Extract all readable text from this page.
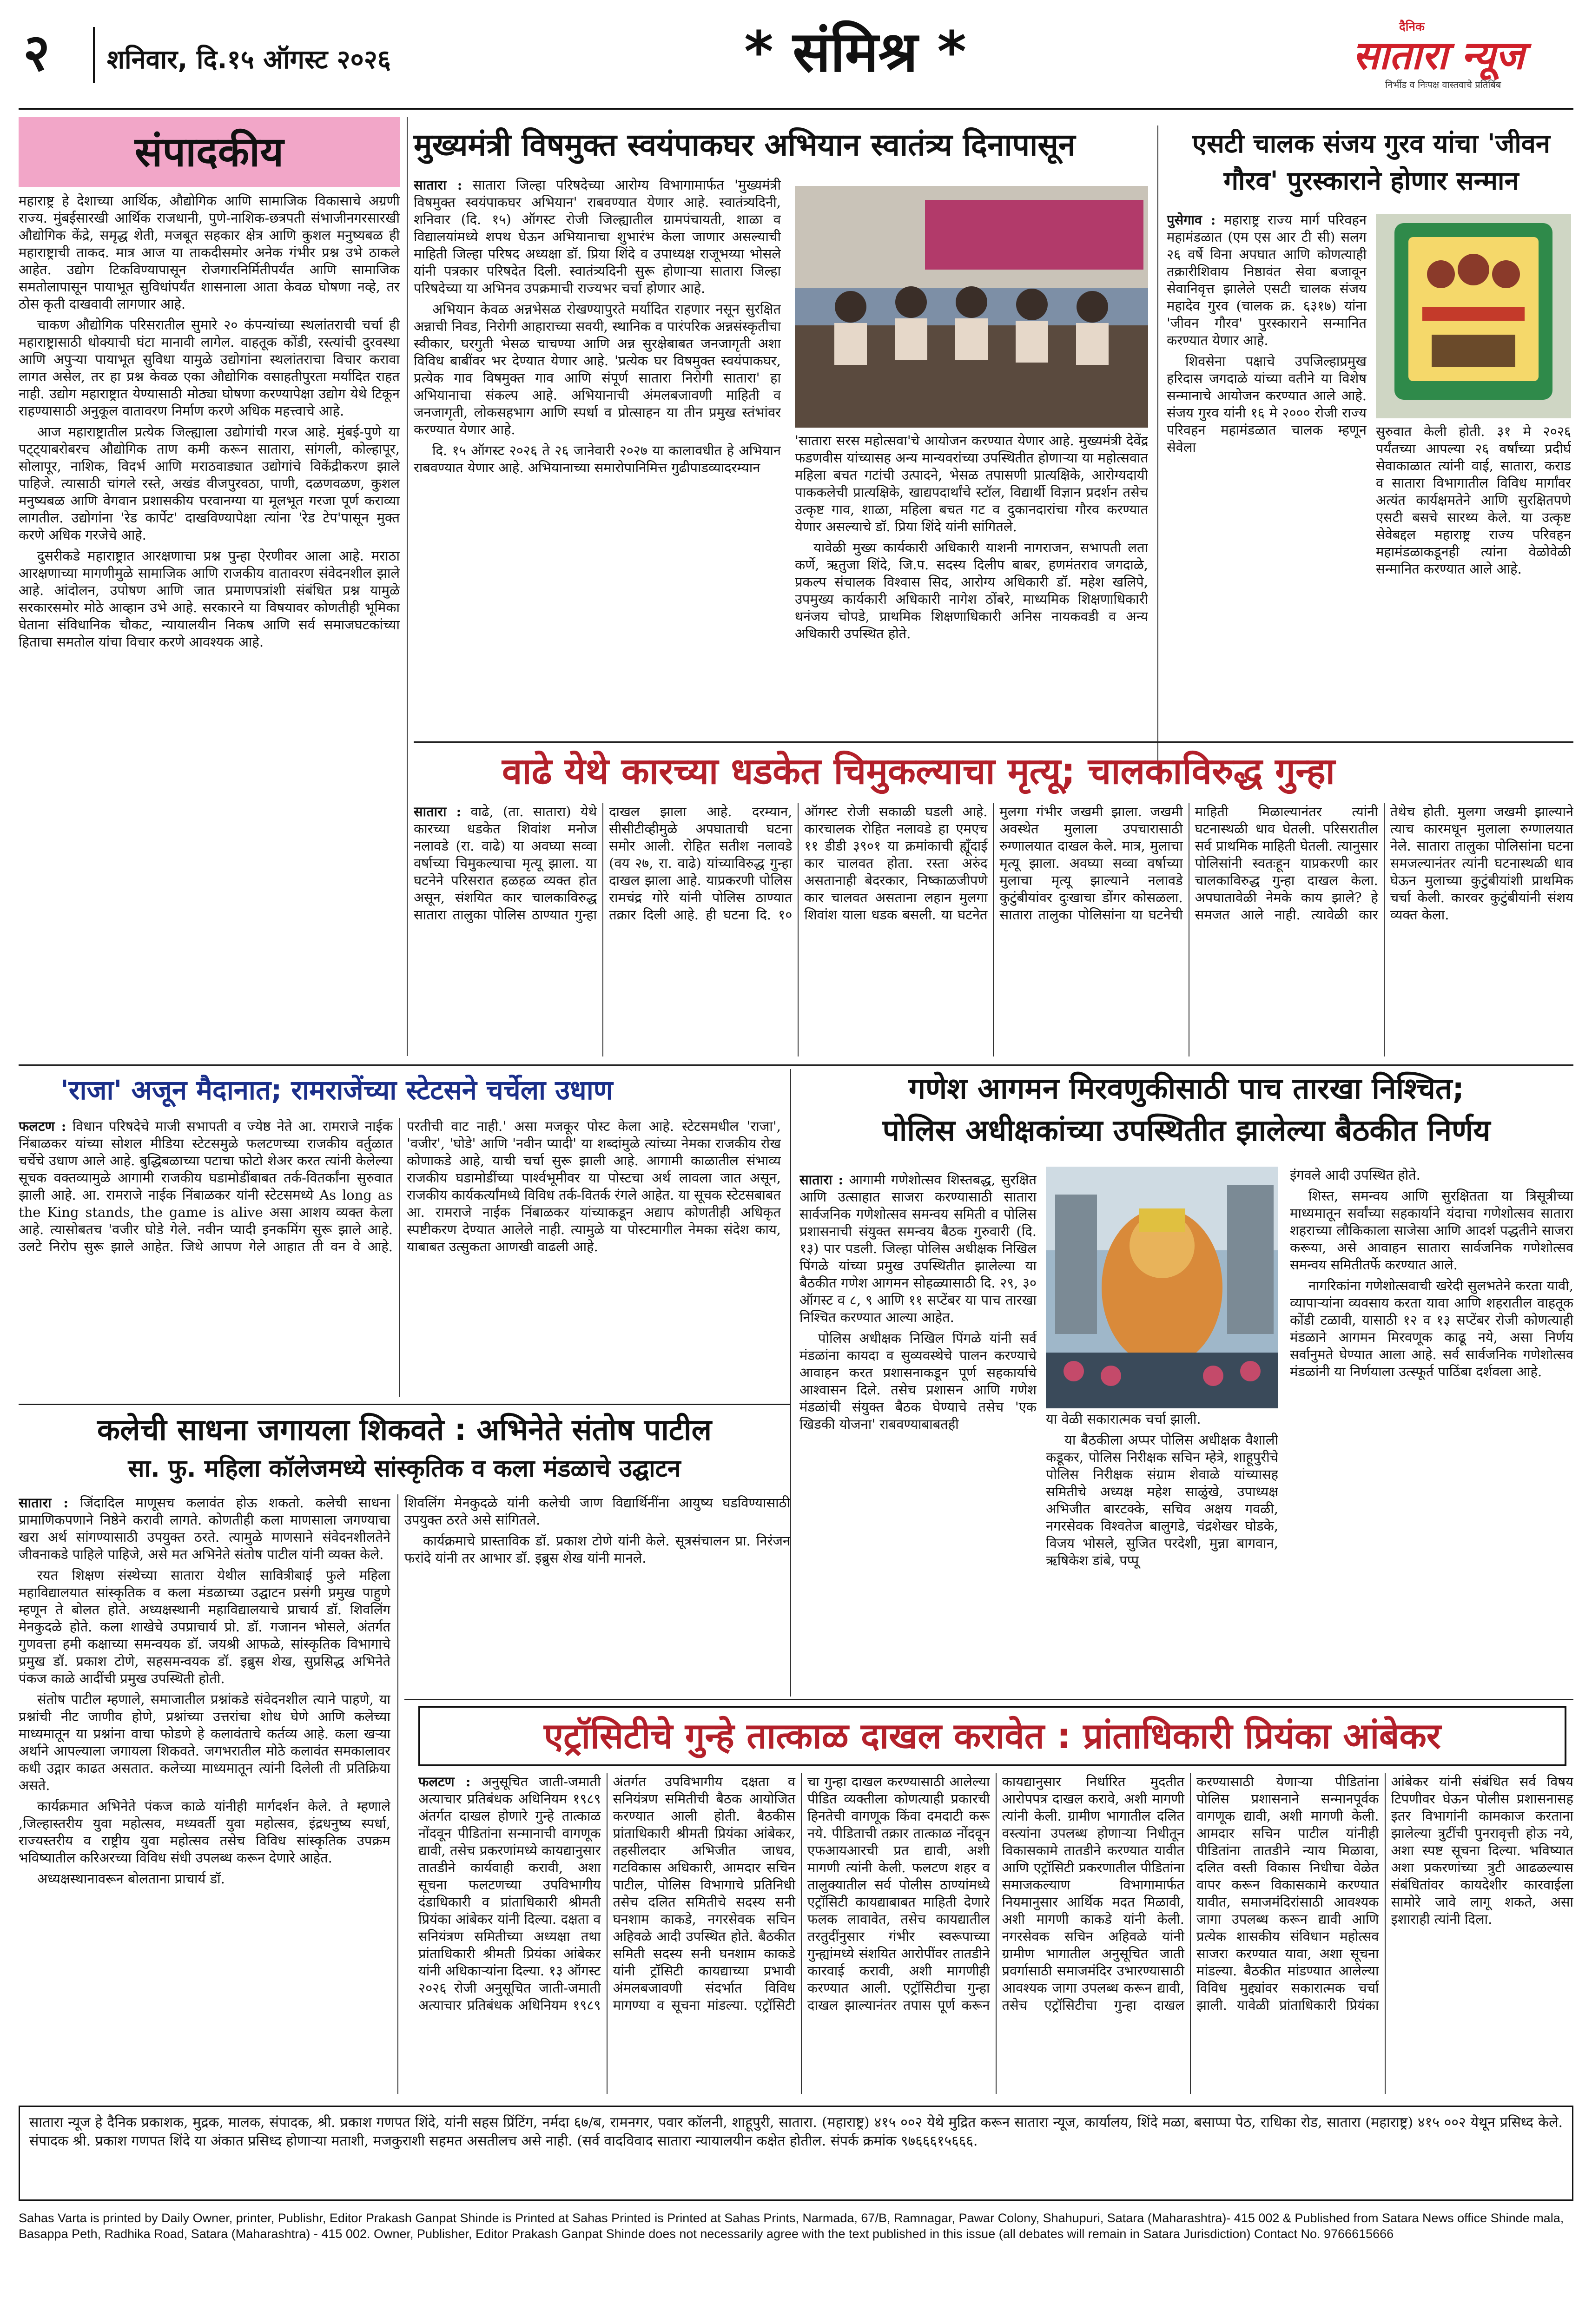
२ शनिवार, दि.१५ ऑगस्ट २०२६	* संमिश्र *	दैनिक
सातारा न्यूज
निर्भीड व निःपक्ष वास्तवाचे प्रतिबिंब
संपादकीय

महाराष्ट्र हे देशाच्या आर्थिक, औद्योगिक आणि सामाजिक विकासाचे अग्रणी राज्य. मुंबईसारखी आर्थिक राजधानी, पुणे-नाशिक-छत्रपती संभाजीनगरसारखी औद्योगिक केंद्रे, समृद्ध शेती, मजबूत सहकार क्षेत्र आणि कुशल मनुष्यबळ ही महाराष्ट्राची ताकद. मात्र आज या ताकदीसमोर अनेक गंभीर प्रश्न उभे ठाकले आहेत. उद्योग टिकविण्यापासून रोजगारनिर्मितीपर्यंत आणि सामाजिक समतोलापासून पायाभूत सुविधांपर्यंत शासनाला आता केवळ घोषणा नव्हे, तर ठोस कृती दाखवावी लागणार आहे.

चाकण औद्योगिक परिसरातील सुमारे २० कंपन्यांच्या स्थलांतराची चर्चा ही महाराष्ट्रासाठी धोक्याची घंटा मानावी लागेल. वाहतूक कोंडी, रस्त्यांची दुरवस्था आणि अपुऱ्या पायाभूत सुविधा यामुळे उद्योगांना स्थलांतराचा विचार करावा लागत असेल, तर हा प्रश्न केवळ एका औद्योगिक वसाहतीपुरता मर्यादित राहत नाही. उद्योग महाराष्ट्रात येण्यासाठी मोठ्या घोषणा करण्यापेक्षा उद्योग येथे टिकून राहण्यासाठी अनुकूल वातावरण निर्माण करणे अधिक महत्त्वाचे आहे.

आज महाराष्ट्रातील प्रत्येक जिल्ह्याला उद्योगांची गरज आहे. मुंबई-पुणे या पट्ट्याबरोबरच औद्योगिक ताण कमी करून सातारा, सांगली, कोल्हापूर, सोलापूर, नाशिक, विदर्भ आणि मराठवाड्यात उद्योगांचे विकेंद्रीकरण झाले पाहिजे. त्यासाठी चांगले रस्ते, अखंड वीजपुरवठा, पाणी, दळणवळण, कुशल मनुष्यबळ आणि वेगवान प्रशासकीय परवानग्या या मूलभूत गरजा पूर्ण कराव्या लागतील. उद्योगांना 'रेड कार्पेट' दाखविण्यापेक्षा त्यांना 'रेड टेप'पासून मुक्त करणे अधिक गरजेचे आहे.

दुसरीकडे महाराष्ट्रात आरक्षणाचा प्रश्न पुन्हा ऐरणीवर आला आहे. मराठा आरक्षणाच्या मागणीमुळे सामाजिक आणि राजकीय वातावरण संवेदनशील झाले आहे. आंदोलन, उपोषण आणि जात प्रमाणपत्रांशी संबंधित प्रश्न यामुळे सरकारसमोर मोठे आव्हान उभे आहे. सरकारने या विषयावर कोणतीही भूमिका घेताना संविधानिक चौकट, न्यायालयीन निकष आणि सर्व समाजघटकांच्या हिताचा समतोल यांचा विचार करणे आवश्यक आहे.

मुख्यमंत्री विषमुक्त स्वयंपाकघर अभियान स्वातंत्र्य दिनापासून

सातारा : सातारा जिल्हा परिषदेच्या आरोग्य विभागामार्फत 'मुख्यमंत्री विषमुक्त स्वयंपाकघर अभियान' राबवण्यात येणार आहे. स्वातंत्र्यदिनी, शनिवार (दि. १५) ऑगस्ट रोजी जिल्ह्यातील ग्रामपंचायती, शाळा व विद्यालयांमध्ये शपथ घेऊन अभियानाचा शुभारंभ केला जाणार असल्याची माहिती जिल्हा परिषद अध्यक्षा डॉ. प्रिया शिंदे व उपाध्यक्ष राजूभय्या भोसले यांनी पत्रकार परिषदेत दिली. स्वातंत्र्यदिनी सुरू होणाऱ्या सातारा जिल्हा परिषदेच्या या अभिनव उपक्रमाची राज्यभर चर्चा होणार आहे.

अभियान केवळ अन्नभेसळ रोखण्यापुरते मर्यादित राहणार नसून सुरक्षित अन्नाची निवड, निरोगी आहाराच्या सवयी, स्थानिक व पारंपरिक अन्नसंस्कृतीचा स्वीकार, घरगुती भेसळ चाचण्या आणि अन्न सुरक्षेबाबत जनजागृती अशा विविध बाबींवर भर देण्यात येणार आहे. 'प्रत्येक घर विषमुक्त स्वयंपाकघर, प्रत्येक गाव विषमुक्त गाव आणि संपूर्ण सातारा निरोगी सातारा' हा अभियानाचा संकल्प आहे. अभियानाची अंमलबजावणी माहिती व जनजागृती, लोकसहभाग आणि स्पर्धा व प्रोत्साहन या तीन प्रमुख स्तंभांवर करण्यात येणार आहे.

दि. १५ ऑगस्ट २०२६ ते २६ जानेवारी २०२७ या कालावधीत हे अभियान राबवण्यात येणार आहे. अभियानाच्या समारोपानिमित्त गुढीपाडव्यादरम्यान

'सातारा सरस महोत्सवा'चे आयोजन करण्यात येणार आहे. मुख्यमंत्री देवेंद्र फडणवीस यांच्यासह अन्य मान्यवरांच्या उपस्थितीत होणाऱ्या या महोत्सवात महिला बचत गटांची उत्पादने, भेसळ तपासणी प्रात्यक्षिके, आरोग्यदायी पाककलेची प्रात्यक्षिके, खाद्यपदार्थांचे स्टॉल, विद्यार्थी विज्ञान प्रदर्शन तसेच उत्कृष्ट गाव, शाळा, महिला बचत गट व दुकानदारांचा गौरव करण्यात येणार असल्याचे डॉ. प्रिया शिंदे यांनी सांगितले.

यावेळी मुख्य कार्यकारी अधिकारी याशनी नागराजन, सभापती लता कर्णे, ऋतुजा शिंदे, जि.प. सदस्य दिलीप बाबर, हणमंतराव जगदाळे, प्रकल्प संचालक विश्वास सिद, आरोग्य अधिकारी डॉ. महेश खलिपे, उपमुख्य कार्यकारी अधिकारी नागेश ठोंबरे, माध्यमिक शिक्षणाधिकारी धनंजय चोपडे, प्राथमिक शिक्षणाधिकारी अनिस नायकवडी व अन्य अधिकारी उपस्थित होते.

एसटी चालक संजय गुरव यांचा 'जीवन गौरव' पुरस्काराने होणार सन्मान

पुसेगाव : महाराष्ट्र राज्य मार्ग परिवहन महामंडळात (एम एस आर टी सी) सलग २६ वर्षे विना अपघात आणि कोणत्याही तक्रारीशिवाय निष्ठावंत सेवा बजावून सेवानिवृत्त झालेले एसटी चालक संजय महादेव गुरव (चालक क्र. ६३१७) यांना 'जीवन गौरव' पुरस्काराने सन्मानित करण्यात येणार आहे.

शिवसेना पक्षाचे उपजिल्हाप्रमुख हरिदास जगदाळे यांच्या वतीने या विशेष सन्मानाचे आयोजन करण्यात आले आहे. संजय गुरव यांनी १६ मे २००० रोजी राज्य परिवहन महामंडळात चालक म्हणून सेवेला

सुरुवात केली होती. ३१ मे २०२६ पर्यंतच्या आपल्या २६ वर्षांच्या प्रदीर्घ सेवाकाळात त्यांनी वाई, सातारा, कराड व सातारा विभागातील विविध मार्गांवर अत्यंत कार्यक्षमतेने आणि सुरक्षितपणे एसटी बसचे सारथ्य केले. या उत्कृष्ट सेवेबद्दल महाराष्ट्र राज्य परिवहन महामंडळाकडूनही त्यांना वेळोवेळी सन्मानित करण्यात आले आहे.

वाढे येथे कारच्या धडकेत चिमुकल्याचा मृत्यू; चालकाविरुद्ध गुन्हा

सातारा : वाढे, (ता. सातारा) येथे कारच्या धडकेत शिवांश मनोज नलावडे (रा. वाढे) या अवघ्या सव्वा वर्षाच्या चिमुकल्याचा मृत्यू झाला. या घटनेने परिसरात हळहळ व्यक्त होत असून, संशयित कार चालकाविरुद्ध सातारा तालुका पोलिस ठाण्यात गुन्हा दाखल झाला आहे. दरम्यान, सीसीटीव्हीमुळे अपघाताची घटना समोर आली. रोहित सतीश नलावडे (वय २७, रा. वाढे) यांच्याविरुद्ध गुन्हा दाखल झाला आहे. याप्रकरणी पोलिस रामचंद्र गोरे यांनी पोलिस ठाण्यात तक्रार दिली आहे. ही घटना दि. १० ऑगस्ट रोजी सकाळी घडली आहे. कारचालक रोहित नलावडे हा एमएच ११ डीडी ३९०१ या क्रमांकाची ह्यूँदाई कार चालवत होता. रस्ता अरुंद असतानाही बेदरकार, निष्काळजीपणे कार चालवत असताना लहान मुलगा शिवांश याला धडक बसली. या घटनेत मुलगा गंभीर जखमी झाला. जखमी अवस्थेत मुलाला उपचारासाठी रुग्णालयात दाखल केले. मात्र, मुलाचा मृत्यू झाला. अवघ्या सव्वा वर्षाच्या मुलाचा मृत्यू झाल्याने नलावडे कुटुंबीयांवर दुःखाचा डोंगर कोसळला. सातारा तालुका पोलिसांना या घटनेची माहिती मिळाल्यानंतर त्यांनी घटनास्थळी धाव घेतली. परिसरातील सर्व प्राथमिक माहिती घेतली. त्यानुसार पोलिसांनी स्वतःहून याप्रकरणी कार चालकाविरुद्ध गुन्हा दाखल केला. अपघातावेळी नेमके काय झाले? हे समजत आले नाही. त्यावेळी कार तेथेच होती. मुलगा जखमी झाल्याने त्याच कारमधून मुलाला रुग्णालयात नेले. सातारा तालुका पोलिसांना घटना समजल्यानंतर त्यांनी घटनास्थळी धाव घेऊन मुलाच्या कुटुंबीयांशी प्राथमिक चर्चा केली. कारवर कुटुंबीयांनी संशय व्यक्त केला.

'राजा' अजून मैदानात; रामराजेंच्या स्टेटसने चर्चेला उधाण

फलटण : विधान परिषदेचे माजी सभापती व ज्येष्ठ नेते आ. रामराजे नाईक निंबाळकर यांच्या सोशल मीडिया स्टेटसमुळे फलटणच्या राजकीय वर्तुळात चर्चेचे उधाण आले आहे. बुद्धिबळाच्या पटाचा फोटो शेअर करत त्यांनी केलेल्या सूचक वक्तव्यामुळे आगामी राजकीय घडामोडींबाबत तर्क-वितर्कांना सुरुवात झाली आहे. आ. रामराजे नाईक निंबाळकर यांनी स्टेटसमध्ये As long as the King stands, the game is alive असा आशय व्यक्त केला आहे. त्यासोबतच 'वजीर घोडे गेले. नवीन प्यादी इनकमिंग सुरू झाले आहे. उलटे निरोप सुरू झाले आहेत. जिथे आपण गेले आहात ती वन वे आहे. परतीची वाट नाही.' असा मजकूर पोस्ट केला आहे. स्टेटसमधील 'राजा', 'वजीर', 'घोडे' आणि 'नवीन प्यादी' या शब्दांमुळे त्यांच्या नेमका राजकीय रोख कोणाकडे आहे, याची चर्चा सुरू झाली आहे. आगामी काळातील संभाव्य राजकीय घडामोडींच्या पार्श्वभूमीवर या पोस्टचा अर्थ लावला जात असून, राजकीय कार्यकर्त्यांमध्ये विविध तर्क-वितर्क रंगले आहेत. या सूचक स्टेटसबाबत आ. रामराजे नाईक निंबाळकर यांच्याकडून अद्याप कोणतीही अधिकृत स्पष्टीकरण देण्यात आलेले नाही. त्यामुळे या पोस्टमागील नेमका संदेश काय, याबाबत उत्सुकता आणखी वाढली आहे.

गणेश आगमन मिरवणुकीसाठी पाच तारखा निश्चित;
पोलिस अधीक्षकांच्या उपस्थितीत झालेल्या बैठकीत निर्णय

सातारा : आगामी गणेशोत्सव शिस्तबद्ध, सुरक्षित आणि उत्साहात साजरा करण्यासाठी सातारा सार्वजनिक गणेशोत्सव समन्वय समिती व पोलिस प्रशासनाची संयुक्त समन्वय बैठक गुरुवारी (दि. १३) पार पडली. जिल्हा पोलिस अधीक्षक निखिल पिंगळे यांच्या प्रमुख उपस्थितीत झालेल्या या बैठकीत गणेश आगमन सोहळ्यासाठी दि. २९, ३० ऑगस्ट व ८, ९ आणि ११ सप्टेंबर या पाच तारखा निश्चित करण्यात आल्या आहेत.

पोलिस अधीक्षक निखिल पिंगळे यांनी सर्व मंडळांना कायदा व सुव्यवस्थेचे पालन करण्याचे आवाहन करत प्रशासनाकडून पूर्ण सहकार्याचे आश्वासन दिले. तसेच प्रशासन आणि गणेश मंडळांची संयुक्त बैठक घेण्याचे तसेच 'एक खिडकी योजना' राबवण्याबाबतही	या वेळी सकारात्मक चर्चा झाली.

या बैठकीला अप्पर पोलिस अधीक्षक वैशाली कडूकर, पोलिस निरीक्षक सचिन म्हेत्रे, शाहूपुरीचे पोलिस निरीक्षक संग्राम शेवाळे यांच्यासह समितीचे अध्यक्ष महेश साळुंखे, उपाध्यक्ष अभिजीत बारटक्के, सचिव अक्षय गवळी, नगरसेवक विश्वतेज बालुगडे, चंद्रशेखर घोडके, विजय भोसले, सुजित परदेशी, मुन्ना बागवान, ऋषिकेश डांबे, पप्पू

इंगवले आदी उपस्थित होते.

शिस्त, समन्वय आणि सुरक्षितता या त्रिसूत्रीच्या माध्यमातून सर्वांच्या सहकार्याने यंदाचा गणेशोत्सव सातारा शहराच्या लौकिकाला साजेसा आणि आदर्श पद्धतीने साजरा करूया, असे आवाहन सातारा सार्वजनिक गणेशोत्सव समन्वय समितीतर्फे करण्यात आले.

नागरिकांना गणेशोत्सवाची खरेदी सुलभतेने करता यावी, व्यापाऱ्यांना व्यवसाय करता यावा आणि शहरातील वाहतूक कोंडी टळावी, यासाठी १२ व १३ सप्टेंबर रोजी कोणत्याही मंडळाने आगमन मिरवणूक काढू नये, असा निर्णय सर्वानुमते घेण्यात आला आहे. सर्व सार्वजनिक गणेशोत्सव मंडळांनी या निर्णयाला उत्स्फूर्त पाठिंबा दर्शवला आहे.

कलेची साधना जगायला शिकवते : अभिनेते संतोष पाटील
सा. फु. महिला कॉलेजमध्ये सांस्कृतिक व कला मंडळाचे उद्घाटन

सातारा : जिंदादिल माणूसच कलावंत होऊ शकतो. कलेची साधना प्रामाणिकपणाने निष्ठेने करावी लागते. कोणतीही कला माणसाला जगण्याचा खरा अर्थ सांगण्यासाठी उपयुक्त ठरते. त्यामुळे माणसाने संवेदनशीलतेने जीवनाकडे पाहिले पाहिजे, असे मत अभिनेते संतोष पाटील यांनी व्यक्त केले.

रयत शिक्षण संस्थेच्या सातारा येथील सावित्रीबाई फुले महिला महाविद्यालयात सांस्कृतिक व कला मंडळाच्या उद्घाटन प्रसंगी प्रमुख पाहुणे म्हणून ते बोलत होते. अध्यक्षस्थानी महाविद्यालयाचे प्राचार्य डॉ. शिवलिंग मेनकुदळे होते. कला शाखेचे उपप्राचार्य प्रो. डॉ. गजानन भोसले, अंतर्गत गुणवत्ता हमी कक्षाच्या समन्वयक डॉ. जयश्री आफळे, सांस्कृतिक विभागाचे प्रमुख डॉ. प्रकाश टोणे, सहसमन्वयक डॉ. इब्रुस शेख, सुप्रसिद्ध अभिनेते पंकज काळे आदींची प्रमुख उपस्थिती होती.

संतोष पाटील म्हणाले, समाजातील प्रश्नांकडे संवेदनशील त्याने पाहणे, या प्रश्नांची नीट जाणीव होणे, प्रश्नांच्या उत्तरांचा शोध घेणे आणि कलेच्या माध्यमातून या प्रश्नांना वाचा फोडणे हे कलावंताचे कर्तव्य आहे. कला खऱ्या अर्थाने आपल्याला जगायला शिकवते. जगभरातील मोठे कलावंत समकालावर कधी उद्गार काढत असतात. कलेच्या माध्यमातून त्यांनी दिलेली ती प्रतिक्रिया असते.

कार्यक्रमात अभिनेते पंकज काळे यांनीही मार्गदर्शन केले. ते म्हणाले ,जिल्हास्तरीय युवा महोत्सव, मध्यवर्ती युवा महोत्सव, इंद्रधनुष्य स्पर्धा, राज्यस्तरीय व राष्ट्रीय युवा महोत्सव तसेच विविध सांस्कृतिक उपक्रम भविष्यातील करिअरच्या विविध संधी उपलब्ध करून देणारे आहेत.

अध्यक्षस्थानावरून बोलताना प्राचार्य डॉ.

शिवलिंग मेनकुदळे यांनी कलेची जाण विद्यार्थिनींना आयुष्य घडविण्यासाठी उपयुक्त ठरते असे सांगितले.

कार्यक्रमाचे प्रास्ताविक डॉ. प्रकाश टोणे यांनी केले. सूत्रसंचालन प्रा. निरंजन फरांदे यांनी तर आभार डॉ. इब्रुस शेख यांनी मानले.

एट्रॉसिटीचे गुन्हे तात्काळ दाखल करावेत : प्रांताधिकारी प्रियंका आंबेकर

फलटण : अनुसूचित जाती-जमाती अत्याचार प्रतिबंधक अधिनियम १९८९ अंतर्गत दाखल होणारे गुन्हे तात्काळ नोंदवून पीडितांना सन्मानाची वागणूक द्यावी, तसेच प्रकरणांमध्ये कायद्यानुसार तातडीने कार्यवाही करावी, अशा सूचना फलटणच्या उपविभागीय दंडाधिकारी व प्रांताधिकारी श्रीमती प्रियंका आंबेकर यांनी दिल्या. दक्षता व सनियंत्रण समितीच्या अध्यक्षा तथा प्रांताधिकारी श्रीमती प्रियंका आंबेकर यांनी अधिकाऱ्यांना दिल्या. १३ ऑगस्ट २०२६ रोजी अनुसूचित जाती-जमाती अत्याचार प्रतिबंधक अधिनियम १९८९ अंतर्गत उपविभागीय दक्षता व सनियंत्रण समितीची बैठक आयोजित करण्यात आली होती. बैठकीस प्रांताधिकारी श्रीमती प्रियंका आंबेकर, तहसीलदार अभिजीत जाधव, गटविकास अधिकारी, आमदार सचिन पाटील, पोलिस विभागाचे प्रतिनिधी तसेच दलित समितीचे सदस्य सनी घनशाम काकडे, नगरसेवक सचिन अहिवळे आदी उपस्थित होते. बैठकीत समिती सदस्य सनी घनशाम काकडे यांनी ट्रॉसिटी कायद्याच्या प्रभावी अंमलबजावणी संदर्भात विविध मागण्या व सूचना मांडल्या. एट्रॉसिटी चा गुन्हा दाखल करण्यासाठी आलेल्या पीडित व्यक्तीला कोणत्याही प्रकारची हिनतेची वागणूक किंवा दमदाटी करू नये. पीडिताची तक्रार तात्काळ नोंदवून एफआयआरची प्रत द्यावी, अशी मागणी त्यांनी केली. फलटण शहर व तालुक्यातील सर्व पोलीस ठाण्यांमध्ये एट्रॉसिटी कायद्याबाबत माहिती देणारे फलक लावावेत, तसेच कायद्यातील तरतुदींनुसार गंभीर स्वरूपाच्या गुन्ह्यांमध्ये संशयित आरोपींवर तातडीने कारवाई करावी, अशी मागणीही करण्यात आली. एट्रॉसिटीचा गुन्हा दाखल झाल्यानंतर तपास पूर्ण करून कायद्यानुसार निर्धारित मुदतीत आरोपपत्र दाखल करावे, अशी मागणी त्यांनी केली. ग्रामीण भागातील दलित वस्त्यांना उपलब्ध होणाऱ्या निधीतून विकासकामे तातडीने करण्यात यावीत आणि एट्रॉसिटी प्रकरणातील पीडितांना समाजकल्याण विभागामार्फत नियमानुसार आर्थिक मदत मिळावी, अशी मागणी काकडे यांनी केली. नगरसेवक सचिन अहिवळे यांनी ग्रामीण भागातील अनुसूचित जाती प्रवर्गासाठी समाजमंदिर उभारण्यासाठी आवश्यक जागा उपलब्ध करून द्यावी, तसेच एट्रॉसिटीचा गुन्हा दाखल करण्यासाठी येणाऱ्या पीडितांना पोलिस प्रशासनाने सन्मानपूर्वक वागणूक द्यावी, अशी मागणी केली. आमदार सचिन पाटील यांनीही पीडितांना तातडीने न्याय मिळावा, दलित वस्ती विकास निधीचा वेळेत वापर करून विकासकामे करण्यात यावीत, समाजमंदिरांसाठी आवश्यक जागा उपलब्ध करून द्यावी आणि प्रत्येक शासकीय संविधान महोत्सव साजरा करण्यात यावा, अशा सूचना मांडल्या. बैठकीत मांडण्यात आलेल्या विविध मुद्द्यांवर सकारात्मक चर्चा झाली. यावेळी प्रांताधिकारी प्रियंका आंबेकर यांनी संबंधित सर्व विषय टिपणीवर घेऊन पोलीस प्रशासनासह इतर विभागांनी कामकाज करताना झालेल्या त्रुटींची पुनरावृत्ती होऊ नये, अशा स्पष्ट सूचना दिल्या. भविष्यात अशा प्रकरणांच्या त्रुटी आढळल्यास संबंधितांवर कायदेशीर कारवाईला सामोरे जावे लागू शकते, असा इशाराही त्यांनी दिला.

सातारा न्यूज हे दैनिक प्रकाशक, मुद्रक, मालक, संपादक, श्री. प्रकाश गणपत शिंदे, यांनी सहस प्रिंटिंग, नर्मदा ६७/ब, रामनगर, पवार कॉलनी, शाहूपुरी, सातारा. (महाराष्ट्र) ४१५ ००२ येथे मुद्रित करून सातारा न्यूज, कार्यालय, शिंदे मळा, बसाप्पा पेठ, राधिका रोड, सातारा (महाराष्ट्र) ४१५ ००२ येथून प्रसिध्द केले. संपादक श्री. प्रकाश गणपत शिंदे या अंकात प्रसिध्द होणाऱ्या मताशी, मजकुराशी सहमत असतीलच असे नाही. (सर्व वादविवाद सातारा न्यायालयीन कक्षेत होतील. संपर्क क्रमांक ९७६६६१५६६६.
Sahas Varta is printed by Daily Owner, printer, Publishr, Editor Prakash Ganpat Shinde is Printed at Sahas Printed is Printed at Sahas Prints, Narmada, 67/B, Ramnagar, Pawar Colony, Shahupuri, Satara (Maharashtra)- 415 002 & Published from Satara News office Shinde mala, Basappa Peth, Radhika Road, Satara (Maharashtra) - 415 002. Owner, Publisher, Editor Prakash Ganpat Shinde does not necessarily agree with the text published in this issue (all debates will remain in Satara Jurisdiction) Contact No. 9766615666
